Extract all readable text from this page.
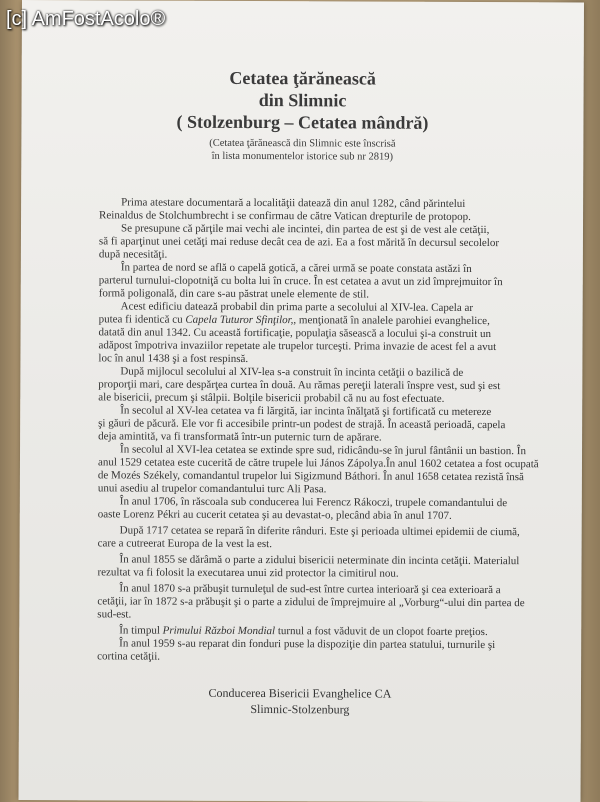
[c] AmFostAcolo®
Cetatea ţărănească
din Slimnic
( Stolzenburg – Cetatea mândră)
(Cetatea ţărănească din Slimnic este înscrisă
în lista monumentelor istorice sub nr 2819)
Prima atestare documentară a localităţii datează din anul 1282, când părintelui
Reinaldus de Stolchumbrecht i se confirmau de către Vatican drepturile de protopop.
Se presupune că părţile mai vechi ale incintei, din partea de est şi de vest ale cetăţii,
să fi aparţinut unei cetăţi mai reduse decât cea de azi. Ea a fost mărită în decursul secolelor
după necesităţi.
În partea de nord se află o capelă gotică, a cărei urmă se poate constata astăzi în
parterul turnului-clopotniţă cu bolta lui în cruce. În est cetatea a avut un zid împrejmuitor în
formă poligonală, din care s-au păstrat unele elemente de stil.
Acest edificiu datează probabil din prima parte a secolului al XIV-lea. Capela ar
putea fi identică cu Capela Tuturor Sfinţilor,, menţionată în analele parohiei evanghelice,
datată din anul 1342. Cu această fortificaţie, populaţia săsească a locului şi-a construit un
adăpost împotriva invaziilor repetate ale trupelor turceşti. Prima invazie de acest fel a avut
loc în anul 1438 şi a fost respinsă.
După mijlocul secolului al XIV-lea s-a construit în incinta cetăţii o bazilică de
proporţii mari, care despărţea curtea în două. Au rămas pereţii laterali înspre vest, sud şi est
ale bisericii, precum şi stâlpii. Bolţile bisericii probabil că nu au fost efectuate.
În secolul al XV-lea cetatea va fi lărgită, iar incinta înălţată şi fortificată cu metereze
şi găuri de păcură. Ele vor fi accesibile printr-un podest de strajă. În această perioadă, capela
deja amintită, va fi transformată într-un puternic turn de apărare.
În secolul al XVI-lea cetatea se extinde spre sud, ridicându-se în jurul fântânii un bastion. În
anul 1529 cetatea este cucerită de către trupele lui János Zápolya.În anul 1602 cetatea a fost ocupată
de Mozés Székely, comandantul trupelor lui Sigizmund Báthori. În anul 1658 cetatea rezistă însă
unui asediu al trupelor comandantului turc Ali Pasa.
În anul 1706, în răscoala sub conducerea lui Ferencz Rákoczi, trupele comandantului de
oaste Lorenz Pékri au cucerit cetatea şi au devastat-o, plecând abia în anul 1707.
După 1717 cetatea se repară în diferite rânduri. Este şi perioada ultimei epidemii de ciumă,
care a cutreerat Europa de la vest la est.
În anul 1855 se dărâmă o parte a zidului bisericii neterminate din incinta cetăţii. Materialul
rezultat va fi folosit la executarea unui zid protector la cimitirul nou.
În anul 1870 s-a prăbuşit turnuleţul de sud-est între curtea interioară şi cea exterioară a
cetăţii, iar în 1872 s-a prăbuşit şi o parte a zidului de împrejmuire al „Vorburg“-ului din partea de
sud-est.
În timpul Primului Război Mondial turnul a fost văduvit de un clopot foarte preţios.
În anul 1959 s-au reparat din fonduri puse la dispoziţie din partea statului, turnurile şi
cortina cetăţii.
Conducerea Bisericii Evanghelice CA
Slimnic-Stolzenburg
